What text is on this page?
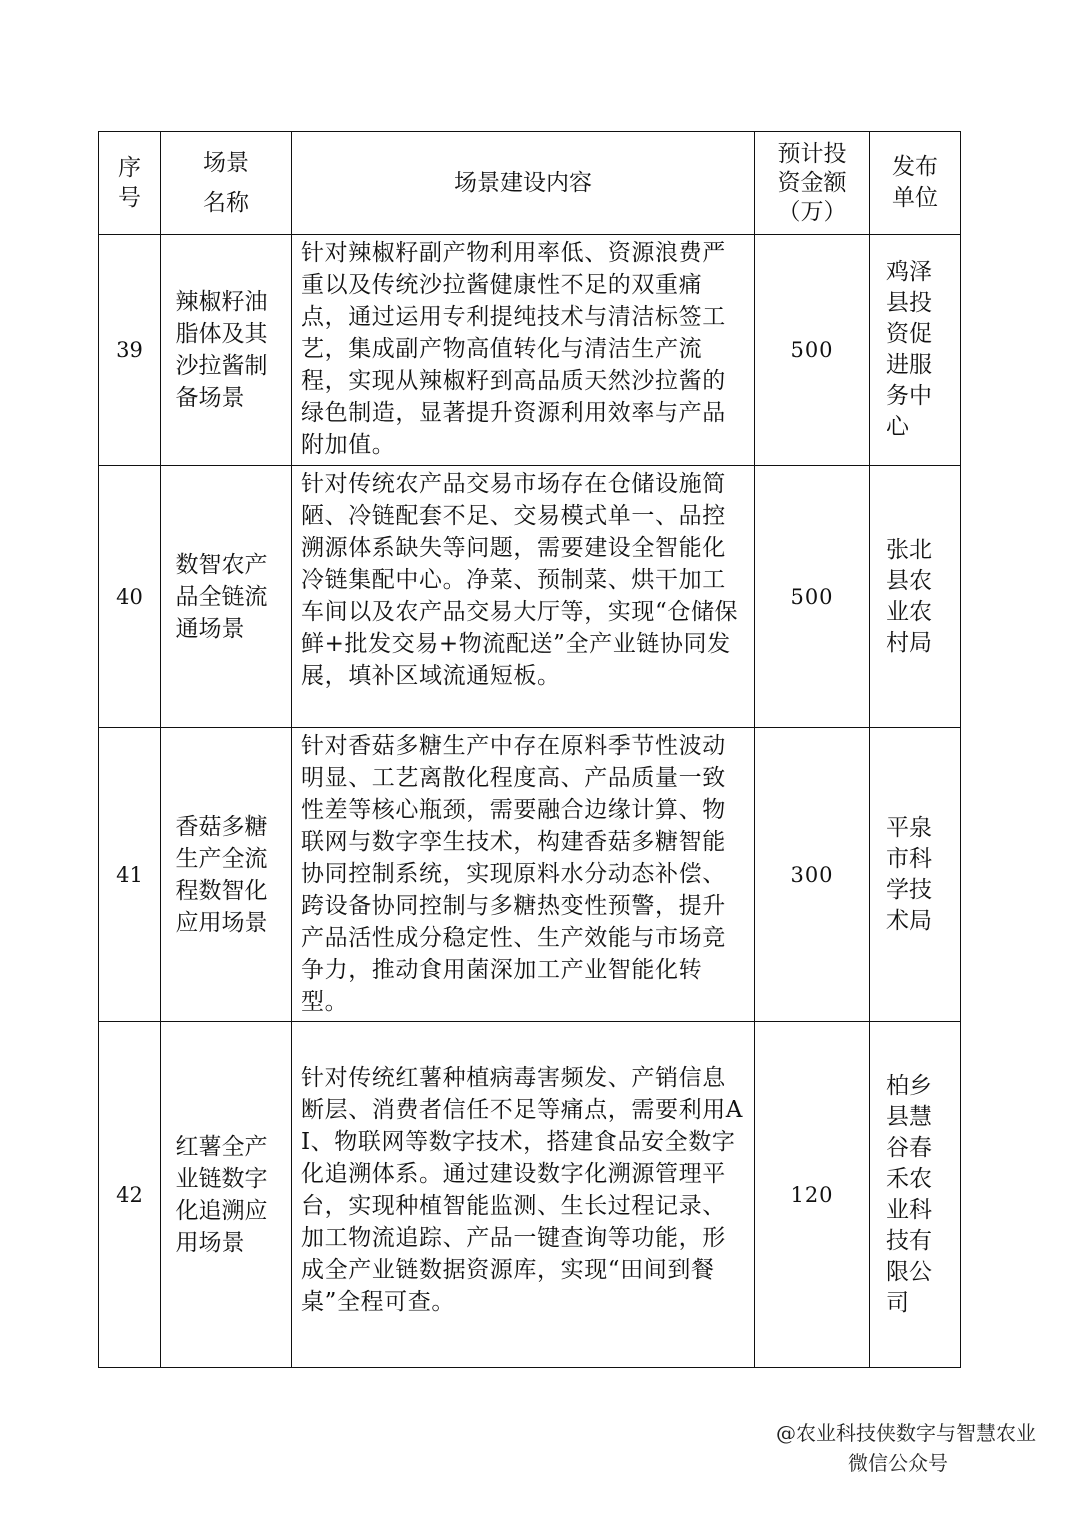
序号	场景名称	场景建设内容	预计投资金额（万）	发布单位

39	辣椒籽油脂体及其沙拉酱制备场景	针对辣椒籽副产物利用率低、资源浪费严重以及传统沙拉酱健康性不足的双重痛点，通过运用专利提纯技术与清洁标签工艺，集成副产物高值转化与清洁生产流程，实现从辣椒籽到高品质天然沙拉酱的绿色制造，显著提升资源利用效率与产品附加值。	500	鸡泽县投资促进服务中心

40	数智农产品全链流通场景	针对传统农产品交易市场存在仓储设施简陋、冷链配套不足、交易模式单一、品控溯源体系缺失等问题，需要建设全智能化冷链集配中心。净菜、预制菜、烘干加工车间以及农产品交易大厅等，实现“仓储保鲜+批发交易+物流配送”全产业链协同发展，填补区域流通短板。	500	张北县农业农村局

41	香菇多糖生产全流程数智化应用场景	针对香菇多糖生产中存在原料季节性波动明显、工艺离散化程度高、产品质量一致性差等核心瓶颈，需要融合边缘计算、物联网与数字孪生技术，构建香菇多糖智能协同控制系统，实现原料水分动态补偿、跨设备协同控制与多糖热变性预警，提升产品活性成分稳定性、生产效能与市场竞争力，推动食用菌深加工产业智能化转型。	300	平泉市科学技术局

42	红薯全产业链数字化追溯应用场景	针对传统红薯种植病毒害频发、产销信息断层、消费者信任不足等痛点，需要利用AI、物联网等数字技术，搭建食品安全数字化追溯体系。通过建设数字化溯源管理平台，实现种植智能监测、生长过程记录、加工物流追踪、产品一键查询等功能，形成全产业链数据资源库，实现“田间到餐桌”全程可查。	120	柏乡县慧谷春禾农业科技有限公司
@农业科技侠数字与智慧农业
微信公众号
